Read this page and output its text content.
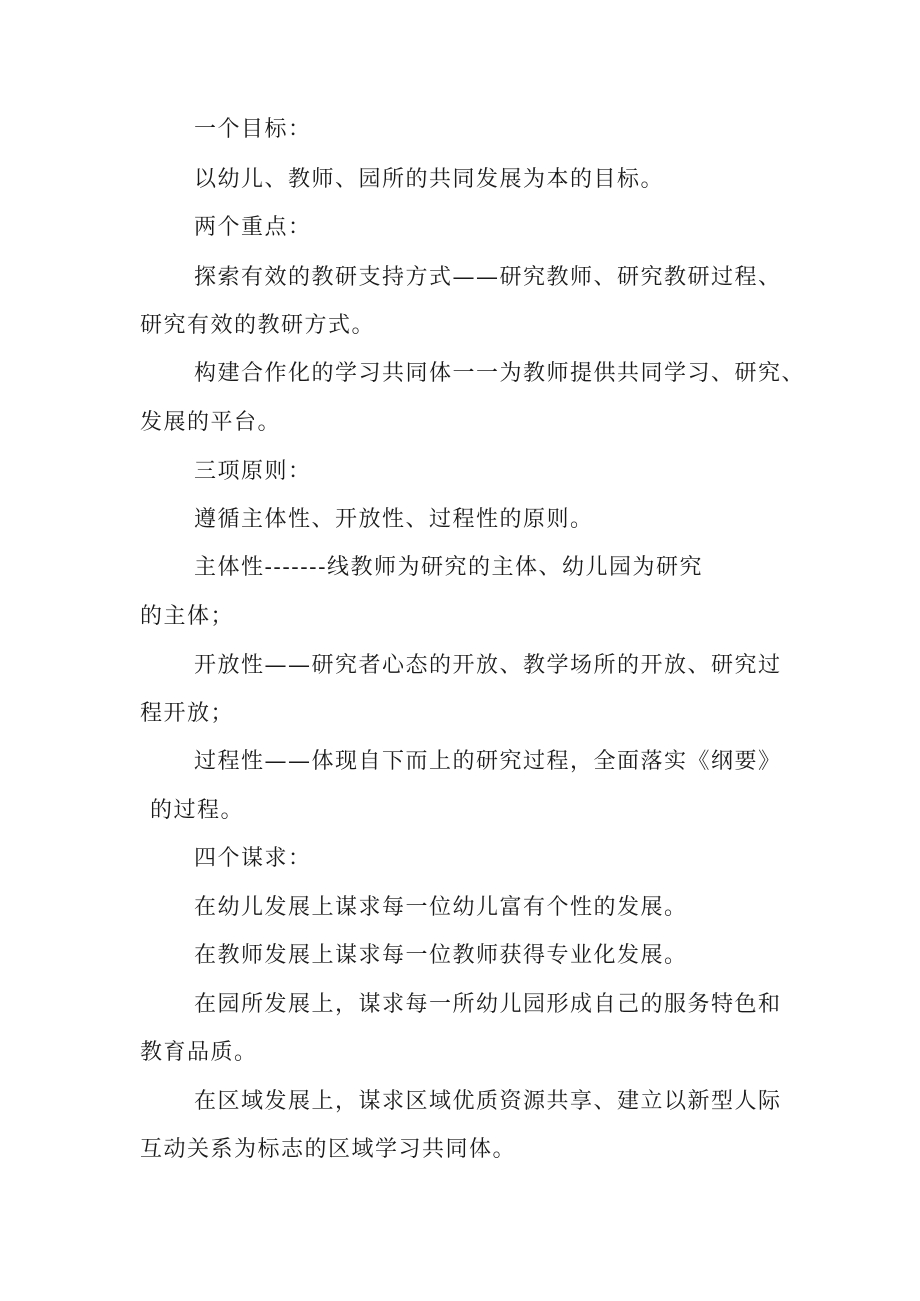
一个目标：

以幼儿、教师、园所的共同发展为本的目标。

两个重点：

探索有效的教研支持方式——研究教师、研究教研过程、

研究有效的教研方式。

构建合作化的学习共同体一一为教师提供共同学习、研究、

发展的平台。

三项原则：

遵循主体性、开放性、过程性的原则。

主体性-------线教师为研究的主体、幼儿园为研究

的主体；

开放性——研究者心态的开放、教学场所的开放、研究过

程开放；

过程性——体现自下而上的研究过程，全面落实《纲要》

的过程。

四个谋求：

在幼儿发展上谋求每一位幼儿富有个性的发展。

在教师发展上谋求每一位教师获得专业化发展。

在园所发展上，谋求每一所幼儿园形成自己的服务特色和

教育品质。

在区域发展上，谋求区域优质资源共享、建立以新型人际

互动关系为标志的区域学习共同体。
